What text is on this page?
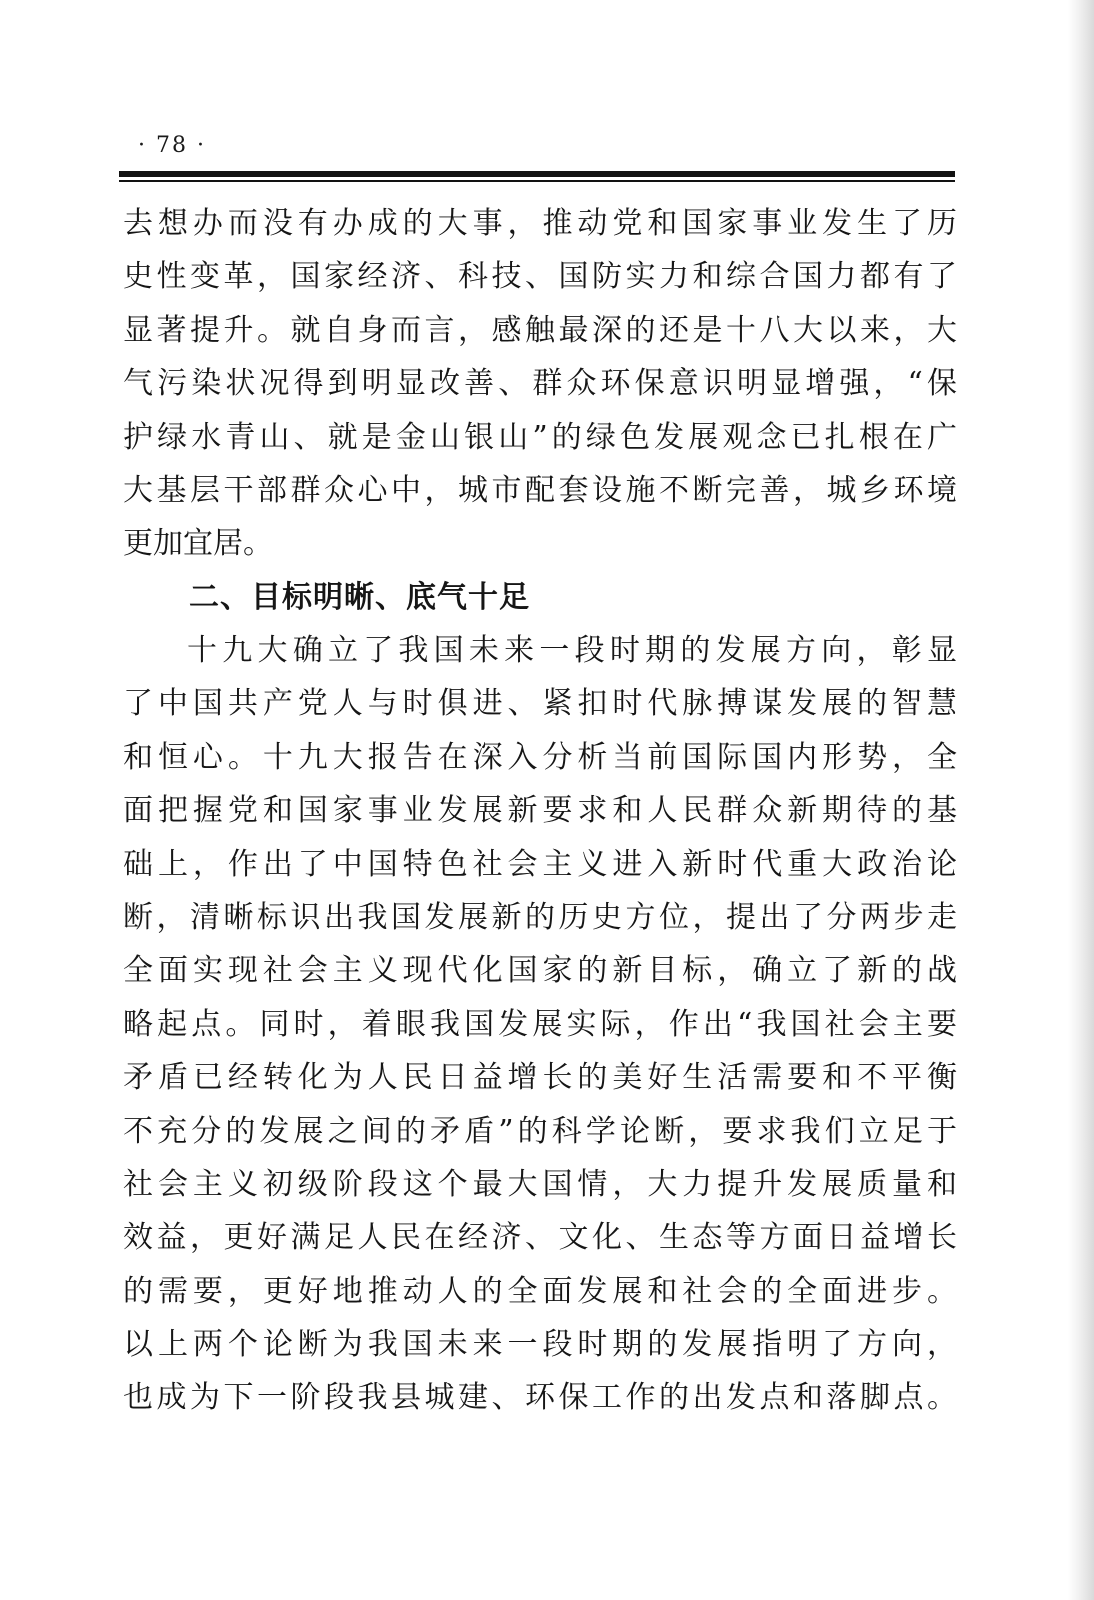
· 78 ·
去想办而没有办成的大事，推动党和国家事业发生了历
史性变革，国家经济、科技、国防实力和综合国力都有了
显著提升。就自身而言，感触最深的还是十八大以来，大
气污染状况得到明显改善、群众环保意识明显增强，“保
护绿水青山、就是金山银山”的绿色发展观念已扎根在广
大基层干部群众心中，城市配套设施不断完善，城乡环境
更加宜居。
二、目标明晰、底气十足
十九大确立了我国未来一段时期的发展方向，彰显
了中国共产党人与时俱进、紧扣时代脉搏谋发展的智慧
和恒心。十九大报告在深入分析当前国际国内形势，全
面把握党和国家事业发展新要求和人民群众新期待的基
础上，作出了中国特色社会主义进入新时代重大政治论
断，清晰标识出我国发展新的历史方位，提出了分两步走
全面实现社会主义现代化国家的新目标，确立了新的战
略起点。同时，着眼我国发展实际，作出“我国社会主要
矛盾已经转化为人民日益增长的美好生活需要和不平衡
不充分的发展之间的矛盾”的科学论断，要求我们立足于
社会主义初级阶段这个最大国情，大力提升发展质量和
效益，更好满足人民在经济、文化、生态等方面日益增长
的需要，更好地推动人的全面发展和社会的全面进步。
以上两个论断为我国未来一段时期的发展指明了方向，
也成为下一阶段我县城建、环保工作的出发点和落脚点。
